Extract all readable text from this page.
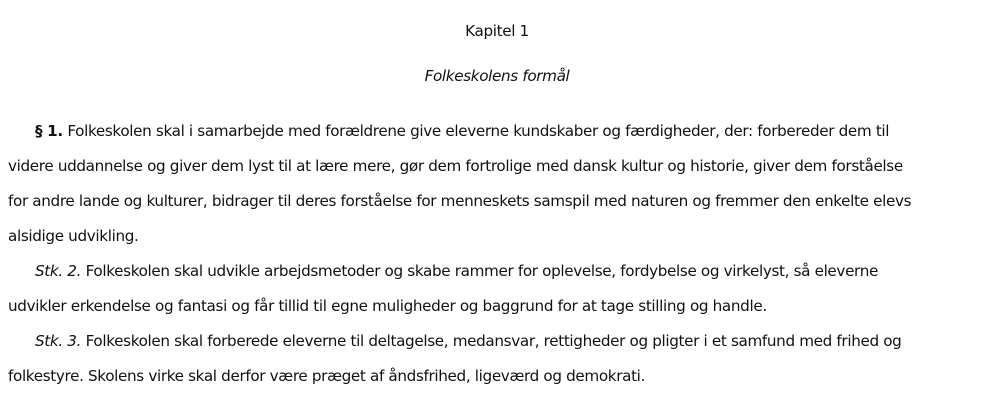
Kapitel 1
Folkeskolens formål
§ 1. Folkeskolen skal i samarbejde med forældrene give eleverne kundskaber og færdigheder, der: forbereder dem til
videre uddannelse og giver dem lyst til at lære mere, gør dem fortrolige med dansk kultur og historie, giver dem forståelse
for andre lande og kulturer, bidrager til deres forståelse for menneskets samspil med naturen og fremmer den enkelte elevs
alsidige udvikling.
Stk. 2. Folkeskolen skal udvikle arbejdsmetoder og skabe rammer for oplevelse, fordybelse og virkelyst, så eleverne
udvikler erkendelse og fantasi og får tillid til egne muligheder og baggrund for at tage stilling og handle.
Stk. 3. Folkeskolen skal forberede eleverne til deltagelse, medansvar, rettigheder og pligter i et samfund med frihed og
folkestyre. Skolens virke skal derfor være præget af åndsfrihed, ligeværd og demokrati.
